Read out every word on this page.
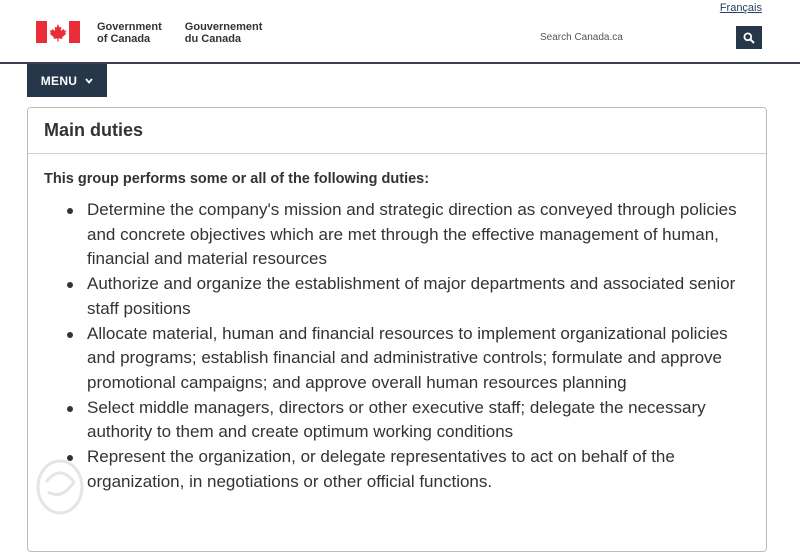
Français
Government
of Canada
Gouvernement
du Canada
Search Canada.ca
MENU
Main duties

This group performs some or all of the following duties:

Determine the company's mission and strategic direction as conveyed through policies and concrete objectives which are met through the effective management of human, financial and material resources
Authorize and organize the establishment of major departments and associated senior staff positions
Allocate material, human and financial resources to implement organizational policies and programs; establish financial and administrative controls; formulate and approve promotional campaigns; and approve overall human resources planning
Select middle managers, directors or other executive staff; delegate the necessary authority to them and create optimum working conditions
Represent the organization, or delegate representatives to act on behalf of the organization, in negotiations or other official functions.
